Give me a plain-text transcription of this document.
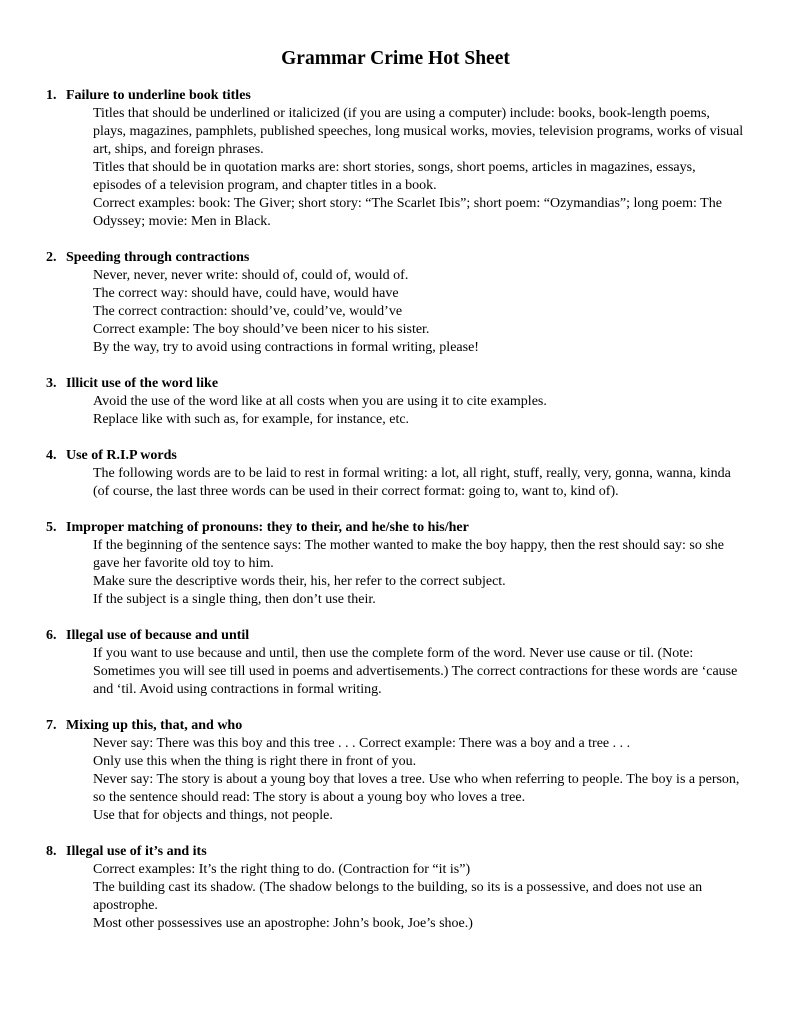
Grammar Crime Hot Sheet
1. Failure to underline book titles

Titles that should be underlined or italicized (if you are using a computer) include: books, book-length poems, plays, magazines, pamphlets, published speeches, long musical works, movies, television programs, works of visual art, ships, and foreign phrases.

Titles that should be in quotation marks are: short stories, songs, short poems, articles in magazines, essays, episodes of a television program, and chapter titles in a book.

Correct examples: book: The Giver; short story: “The Scarlet Ibis”; short poem: “Ozymandias”; long poem: The Odyssey; movie: Men in Black.

2. Speeding through contractions

Never, never, never write: should of, could of, would of.

The correct way: should have, could have, would have

The correct contraction: should’ve, could’ve, would’ve

Correct example: The boy should’ve been nicer to his sister.

By the way, try to avoid using contractions in formal writing, please!

3. Illicit use of the word like

Avoid the use of the word like at all costs when you are using it to cite examples.

Replace like with such as, for example, for instance, etc.

4. Use of R.I.P words

The following words are to be laid to rest in formal writing: a lot, all right, stuff, really, very, gonna, wanna, kinda (of course, the last three words can be used in their correct format: going to, want to, kind of).

5. Improper matching of pronouns: they to their, and he/she to his/her

If the beginning of the sentence says: The mother wanted to make the boy happy, then the rest should say: so she gave her favorite old toy to him.

Make sure the descriptive words their, his, her refer to the correct subject.

If the subject is a single thing, then don’t use their.

6. Illegal use of because and until

If you want to use because and until, then use the complete form of the word. Never use cause or til. (Note: Sometimes you will see till used in poems and advertisements.) The correct contractions for these words are ‘cause and ‘til. Avoid using contractions in formal writing.

7. Mixing up this, that, and who

Never say: There was this boy and this tree . . . Correct example: There was a boy and a tree . . .

Only use this when the thing is right there in front of you.

Never say: The story is about a young boy that loves a tree. Use who when referring to people. The boy is a person, so the sentence should read: The story is about a young boy who loves a tree.

Use that for objects and things, not people.

8. Illegal use of it’s and its

Correct examples: It’s the right thing to do. (Contraction for “it is”)

The building cast its shadow. (The shadow belongs to the building, so its is a possessive, and does not use an apostrophe.

Most other possessives use an apostrophe: John’s book, Joe’s shoe.)
